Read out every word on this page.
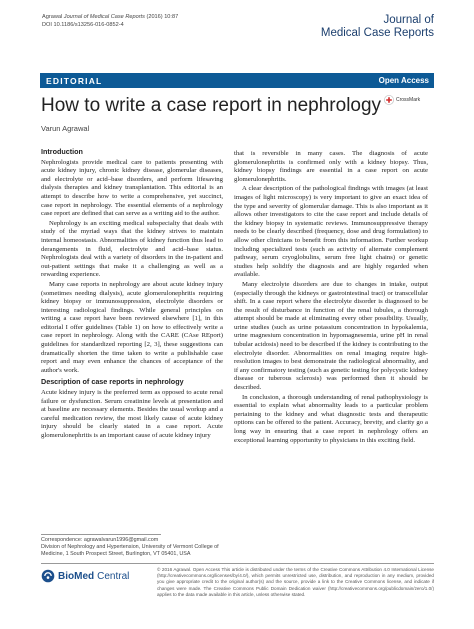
Agrawal Journal of Medical Case Reports (2016) 10:87
DOI 10.1186/s13256-016-0852-4	Journal of
Medical Case Reports
EDITORIAL	Open Access
How to write a case report in nephrology	CrossMark
Varun Agrawal
Introduction

Nephrologists provide medical care to patients presenting with acute kidney injury, chronic kidney disease, glomerular diseases, and electrolyte or acid–base disorders, and perform lifesaving dialysis therapies and kidney transplantation. This editorial is an attempt to describe how to write a comprehensive, yet succinct, case report in nephrology. The essential elements of a nephrology case report are defined that can serve as a writing aid to the author.

Nephrology is an exciting medical subspecialty that deals with study of the myriad ways that the kidney strives to maintain internal homeostasis. Abnormalities of kidney function thus lead to derangements in fluid, electrolyte and acid–base status. Nephrologists deal with a variety of disorders in the in-patient and out-patient settings that make it a challenging as well as a rewarding experience.

Many case reports in nephrology are about acute kidney injury (sometimes needing dialysis), acute glomerulonephritis requiring kidney biopsy or immunosuppression, electrolyte disorders or interesting radiological findings. While general principles on writing a case report have been reviewed elsewhere [1], in this editorial I offer guidelines (Table 1) on how to effectively write a case report in nephrology. Along with the CARE (CAse REport) guidelines for standardized reporting [2, 3], these suggestions can dramatically shorten the time taken to write a publishable case report and may even enhance the chances of acceptance of the author's work.

Description of case reports in nephrology

Acute kidney injury is the preferred term as opposed to acute renal failure or dysfunction. Serum creatinine levels at presentation and at baseline are necessary elements. Besides the usual workup and a careful medication review, the most likely cause of acute kidney injury should be clearly stated in a case report. Acute glomerulonephritis is an important cause of acute kidney injury

that is reversible in many cases. The diagnosis of acute glomerulonephritis is confirmed only with a kidney biopsy. Thus, kidney biopsy findings are essential in a case report on acute glomerulonephritis.

A clear description of the pathological findings with images (at least images of light microscopy) is very important to give an exact idea of the type and severity of glomerular damage. This is also important as it allows other investigators to cite the case report and include details of the kidney biopsy in systematic reviews. Immunosuppressive therapy needs to be clearly described (frequency, dose and drug formulation) to allow other clinicians to benefit from this information. Further workup including specialized tests (such as activity of alternate complement pathway, serum cryoglobulins, serum free light chains) or genetic studies help solidify the diagnosis and are highly regarded when available.

Many electrolyte disorders are due to changes in intake, output (especially through the kidneys or gastrointestinal tract) or transcellular shift. In a case report where the electrolyte disorder is diagnosed to be the result of disturbance in function of the renal tubules, a thorough attempt should be made at eliminating every other possibility. Usually, urine studies (such as urine potassium concentration in hypokalemia, urine magnesium concentration in hypomagnesemia, urine pH in renal tubular acidosis) need to be described if the kidney is contributing to the electrolyte disorder. Abnormalities on renal imaging require high-resolution images to best demonstrate the radiological abnormality, and if any confirmatory testing (such as genetic testing for polycystic kidney disease or tuberous sclerosis) was performed then it should be described.

In conclusion, a thorough understanding of renal pathophysiology is essential to explain what abnormality leads to a particular problem pertaining to the kidney and what diagnostic tests and therapeutic options can be offered to the patient. Accuracy, brevity, and clarity go a long way in ensuring that a case report in nephrology offers an exceptional learning opportunity to physicians in this exciting field.

Correspondence: agrawalvarun1996@gmail.com
Division of Nephrology and Hypertension, University of Vermont College of Medicine, 1 South Prospect Street, Burlington, VT 05401, USA
BioMed Central
© 2016 Agrawal. Open Access This article is distributed under the terms of the Creative Commons Attribution 4.0 International License (http://creativecommons.org/licenses/by/4.0/), which permits unrestricted use, distribution, and reproduction in any medium, provided you give appropriate credit to the original author(s) and the source, provide a link to the Creative Commons license, and indicate if changes were made. The Creative Commons Public Domain Dedication waiver (http://creativecommons.org/publicdomain/zero/1.0/) applies to the data made available in this article, unless otherwise stated.
